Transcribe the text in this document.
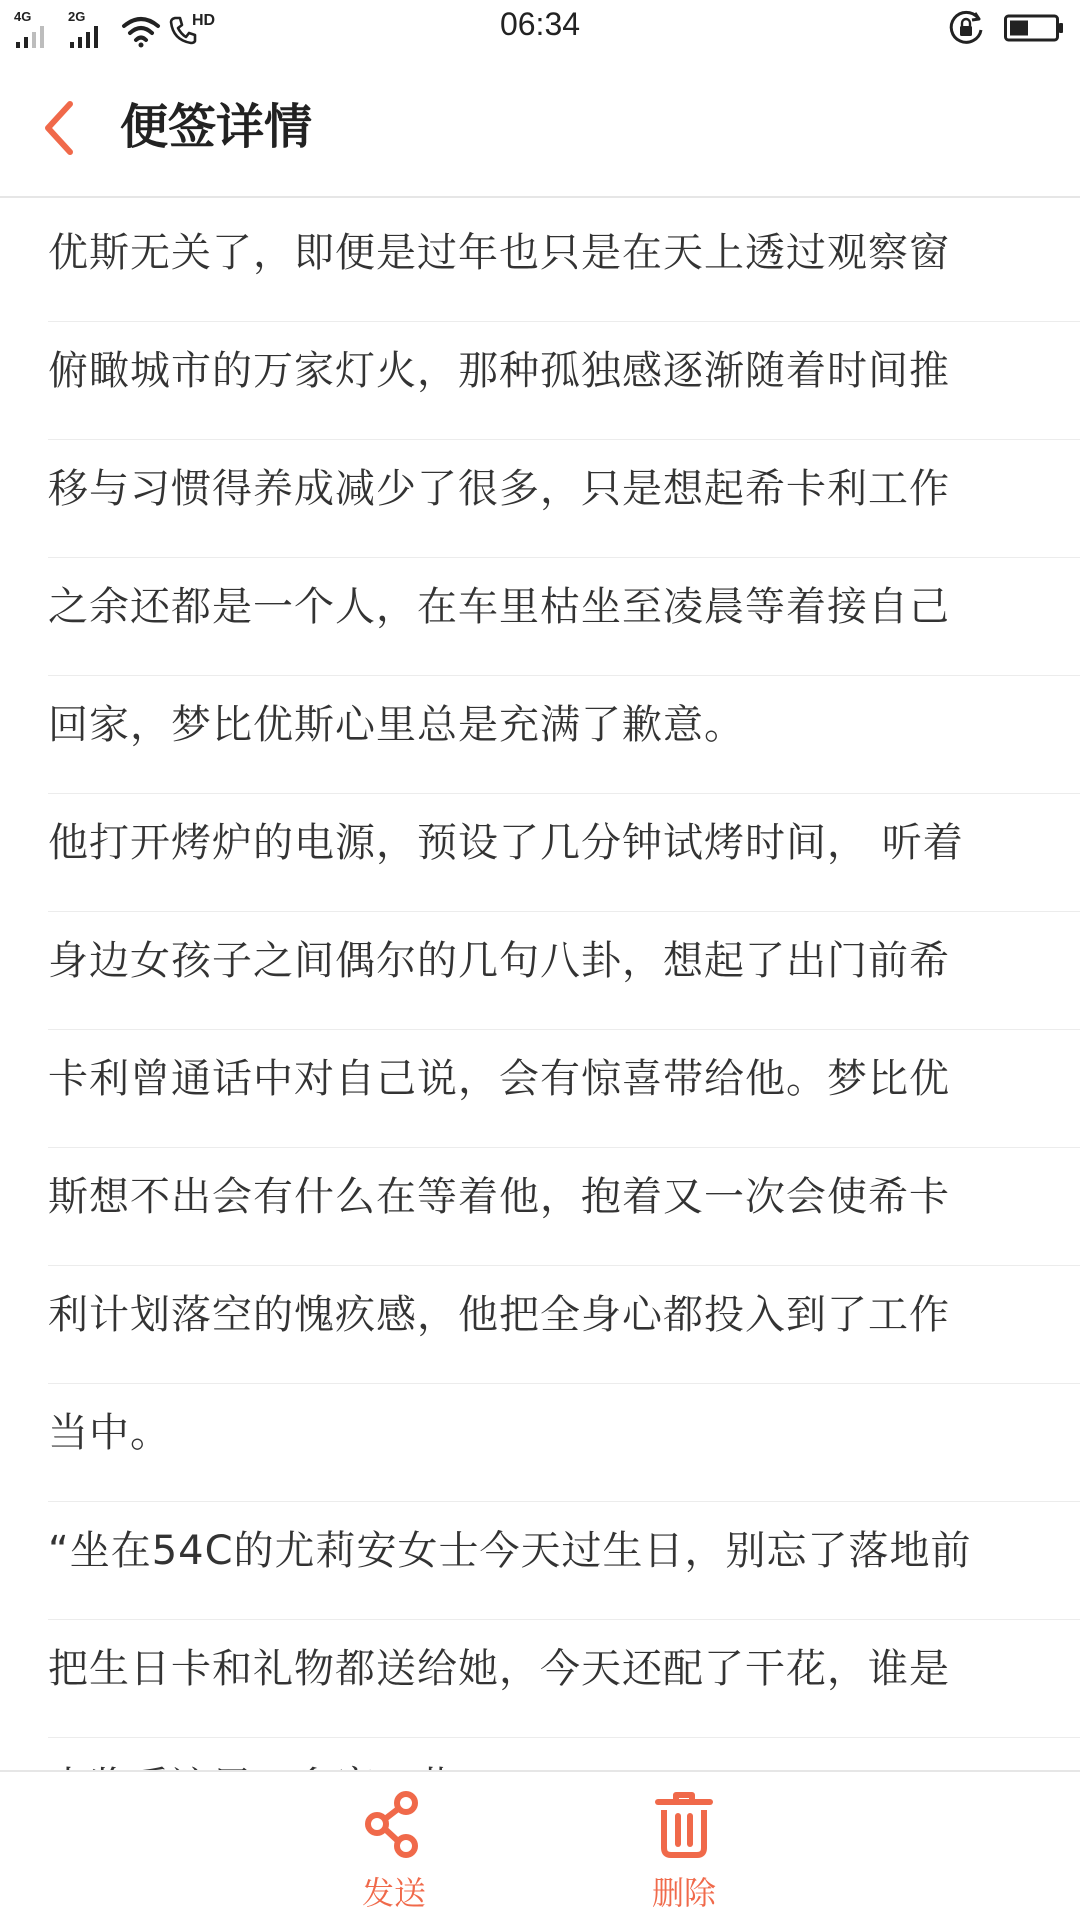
4G	2G	HD	06:34
便签详情
优斯无关了，即便是过年也只是在天上透过观察窗
俯瞰城市的万家灯火，那种孤独感逐渐随着时间推
移与习惯得养成减少了很多，只是想起希卡利工作
之余还都是一个人，在车里枯坐至凌晨等着接自己
回家，梦比优斯心里总是充满了歉意。
他打开烤炉的电源，预设了几分钟试烤时间， 听着
身边女孩子之间偶尔的几句八卦，想起了出门前希
卡利曾通话中对自己说，会有惊喜带给他。梦比优
斯想不出会有什么在等着他，抱着又一次会使希卡
利计划落空的愧疚感，他把全身心都投入到了工作
当中。
“坐在54C的尤莉安女士今天过生日，别忘了落地前
把生日卡和礼物都送给她，今天还配了干花，谁是
发送	删除
